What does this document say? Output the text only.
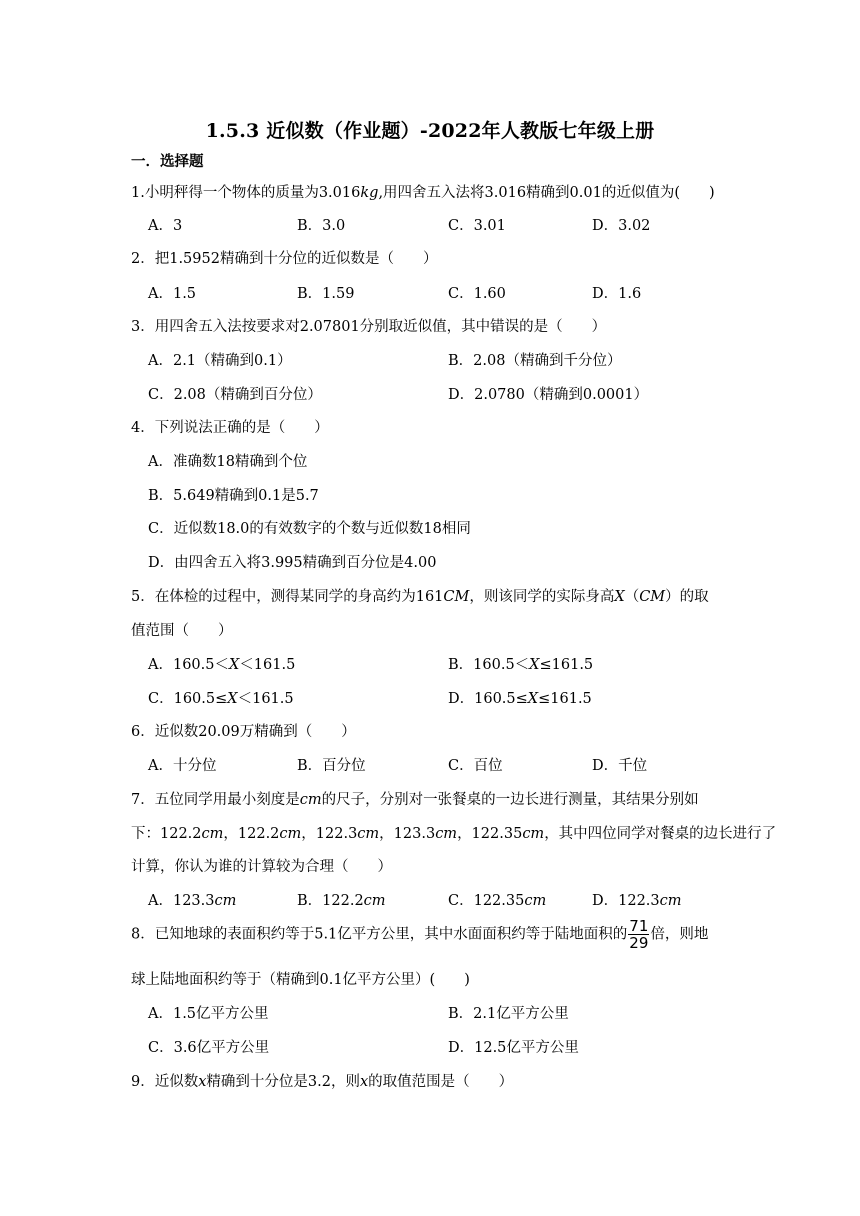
1.5.3 近似数（作业题）-2022年人教版七年级上册
一．选择题
1.小明秤得一个物体的质量为3.016kg,用四舍五入法将3.016精确到0.01的近似值为(　　)
A．3	B．3.0	C．3.01	D．3.02
2．把1.5952精确到十分位的近似数是（　　）
A．1.5	B．1.59	C．1.60	D．1.6
3．用四舍五入法按要求对2.07801分别取近似值，其中错误的是（　　）
A．2.1（精确到0.1）	B．2.08（精确到千分位）
C．2.08（精确到百分位）	D．2.0780（精确到0.0001）
4．下列说法正确的是（　　）
A．准确数18精确到个位
B．5.649精确到0.1是5.7
C．近似数18.0的有效数字的个数与近似数18相同
D．由四舍五入将3.995精确到百分位是4.00
5．在体检的过程中，测得某同学的身高约为161CM，则该同学的实际身高X（CM）的取
值范围（　　）
A．160.5＜X＜161.5	B．160.5＜X≤161.5
C．160.5≤X＜161.5	D．160.5≤X≤161.5
6．近似数20.09万精确到（　　）
A．十分位	B．百分位	C．百位	D．千位
7．五位同学用最小刻度是cm的尺子，分别对一张餐桌的一边长进行测量，其结果分别如
下：122.2cm，122.2cm，122.3cm，123.3cm，122.35cm，其中四位同学对餐桌的边长进行了
计算，你认为谁的计算较为合理（　　）
A．123.3cm	B．122.2cm	C．122.35cm	D．122.3cm
8．已知地球的表面积约等于5.1亿平方公里，其中水面面积约等于陆地面积的 $\frac{71}{29}$ 倍，则地
球上陆地面积约等于（精确到0.1亿平方公里）(　　)
A．1.5亿平方公里	B．2.1亿平方公里
C．3.6亿平方公里	D．12.5亿平方公里
9．近似数x精确到十分位是3.2，则x的取值范围是（　　）
